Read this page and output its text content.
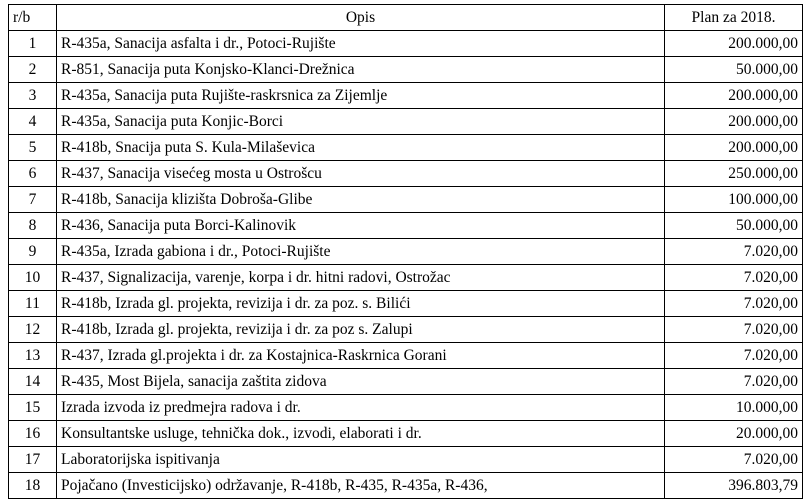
r/b	Opis	Plan za 2018.
1	R-435a, Sanacija asfalta i dr., Potoci-Rujište	200.000,00
2	R-851, Sanacija puta Konjsko-Klanci-Drežnica	50.000,00
3	R-435a, Sanacija puta Rujište-raskrsnica za Zijemlje	200.000,00
4	R-435a, Sanacija puta Konjic-Borci	200.000,00
5	R-418b, Snacija puta S. Kula-Milaševica	200.000,00
6	R-437, Sanacija visećeg mosta u Ostrošcu	250.000,00
7	R-418b, Sanacija klizišta Dobroša-Glibe	100.000,00
8	R-436, Sanacija puta Borci-Kalinovik	50.000,00
9	R-435a, Izrada gabiona i dr., Potoci-Rujište	7.020,00
10	R-437, Signalizacija, varenje, korpa i dr. hitni radovi, Ostrožac	7.020,00
11	R-418b, Izrada gl. projekta, revizija i dr. za poz. s. Bilići	7.020,00
12	R-418b, Izrada gl. projekta, revizija i dr. za poz s. Zalupi	7.020,00
13	R-437, Izrada gl.projekta i dr. za Kostajnica-Raskrnica Gorani	7.020,00
14	R-435, Most Bijela, sanacija zaštita zidova	7.020,00
15	Izrada izvoda iz predmejra radova i dr.	10.000,00
16	Konsultantske usluge, tehnička dok., izvodi, elaborati i dr.	20.000,00
17	Laboratorijska ispitivanja	7.020,00
18	Pojačano (Investicijsko) održavanje, R-418b, R-435, R-435a, R-436,	396.803,79
